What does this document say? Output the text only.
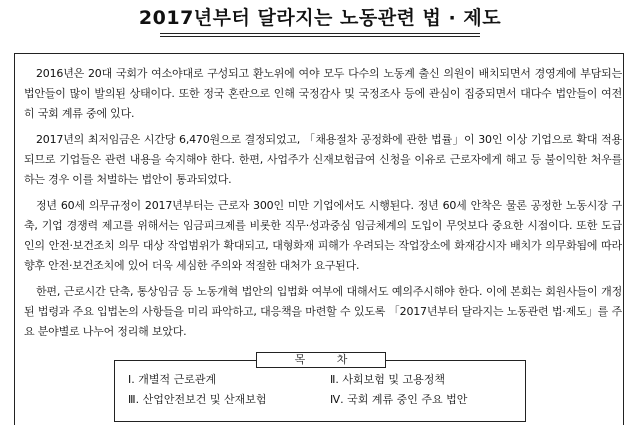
2017년부터 달라지는 노동관련 법 · 제도

2016년은 20대 국회가 여소야대로 구성되고 환노위에 여야 모두 다수의 노동계 출신 의원이 배치되면서 경영계에 부담되는 법안들이 많이 발의된 상태이다. 또한 정국 혼란으로 인해 국정감사 및 국정조사 등에 관심이 집중되면서 대다수 법안들이 여전히 국회 계류 중에 있다.

2017년의 최저임금은 시간당 6,470원으로 결정되었고, 「채용절차 공정화에 관한 법률」이 30인 이상 기업으로 확대 적용되므로 기업들은 관련 내용을 숙지해야 한다. 한편, 사업주가 신재보험급여 신청을 이유로 근로자에게 해고 등 불이익한 처우를 하는 경우 이를 처벌하는 법안이 통과되었다.

정년 60세 의무규정이 2017년부터는 근로자 300인 미만 기업에서도 시행된다. 정년 60세 안착은 물론 공정한 노동시장 구축, 기업 경쟁력 제고를 위해서는 임금피크제를 비롯한 직무·성과중심 임금체계의 도입이 무엇보다 중요한 시점이다. 또한 도급인의 안전·보건조치 의무 대상 작업범위가 확대되고, 대형화재 피해가 우려되는 작업장소에 화재감시자 배치가 의무화됨에 따라 향후 안전·보건조치에 있어 더욱 세심한 주의와 적절한 대처가 요구된다.

한편, 근로시간 단축, 통상임금 등 노동개혁 법안의 입법화 여부에 대해서도 예의주시해야 한다. 이에 본회는 회원사들이 개정된 법령과 주요 입법논의 사항들을 미리 파악하고, 대응책을 마련할 수 있도록 「2017년부터 달라지는 노동관련 법·제도」를 주요 분야별로 나누어 정리해 보았다.

목 차
Ⅰ. 개별적 근로관계	Ⅱ. 사회보험 및 고용정책
Ⅲ. 산업안전보건 및 산재보험	Ⅳ. 국회 계류 중인 주요 법안
